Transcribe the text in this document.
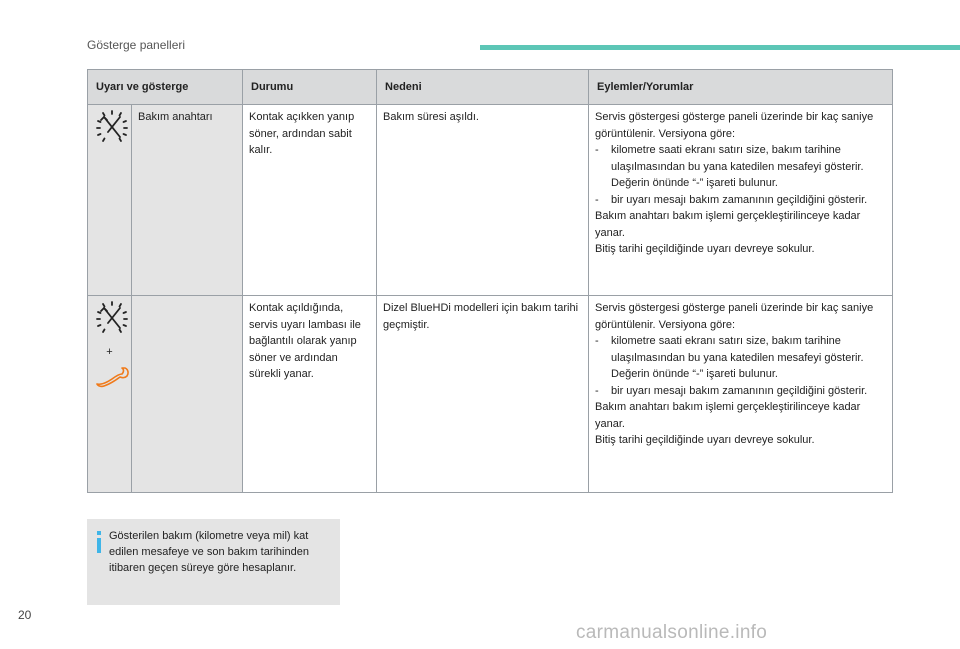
Gösterge panelleri
Uyarı ve gösterge		Durumu	Nedeni	Eylemler/Yorumlar
	Bakım anahtarı	Kontak açıkken yanıp söner, ardından sabit kalır.	Bakım süresi aşıldı.	Servis göstergesi gösterge paneli üzerinde bir kaç saniye görüntülenir. Versiyona göre:
- kilometre saati ekranı satırı size, bakım tarihine ulaşılmasından bu yana katedilen mesafeyi gösterir. Değerin önünde “-” işareti bulunur.
- bir uyarı mesajı bakım zamanının geçildiğini gösterir.
Bakım anahtarı bakım işlemi gerçekleştirilinceye kadar yanar.
Bitiş tarihi geçildiğinde uyarı devreye sokulur.

+		Kontak açıldığında, servis uyarı lambası ile bağlantılı olarak yanıp söner ve ardından sürekli yanar.	Dizel BlueHDi modelleri için bakım tarihi geçmiştir.	Servis göstergesi gösterge paneli üzerinde bir kaç saniye görüntülenir. Versiyona göre:
- kilometre saati ekranı satırı size, bakım tarihine ulaşılmasından bu yana katedilen mesafeyi gösterir. Değerin önünde “-” işareti bulunur.
- bir uyarı mesajı bakım zamanının geçildiğini gösterir.
Bakım anahtarı bakım işlemi gerçekleştirilinceye kadar yanar.
Bitiş tarihi geçildiğinde uyarı devreye sokulur.
Gösterilen bakım (kilometre veya mil) kat edilen mesafeye ve son bakım tarihinden itibaren geçen süreye göre hesaplanır.
20
carmanualsonline.info
